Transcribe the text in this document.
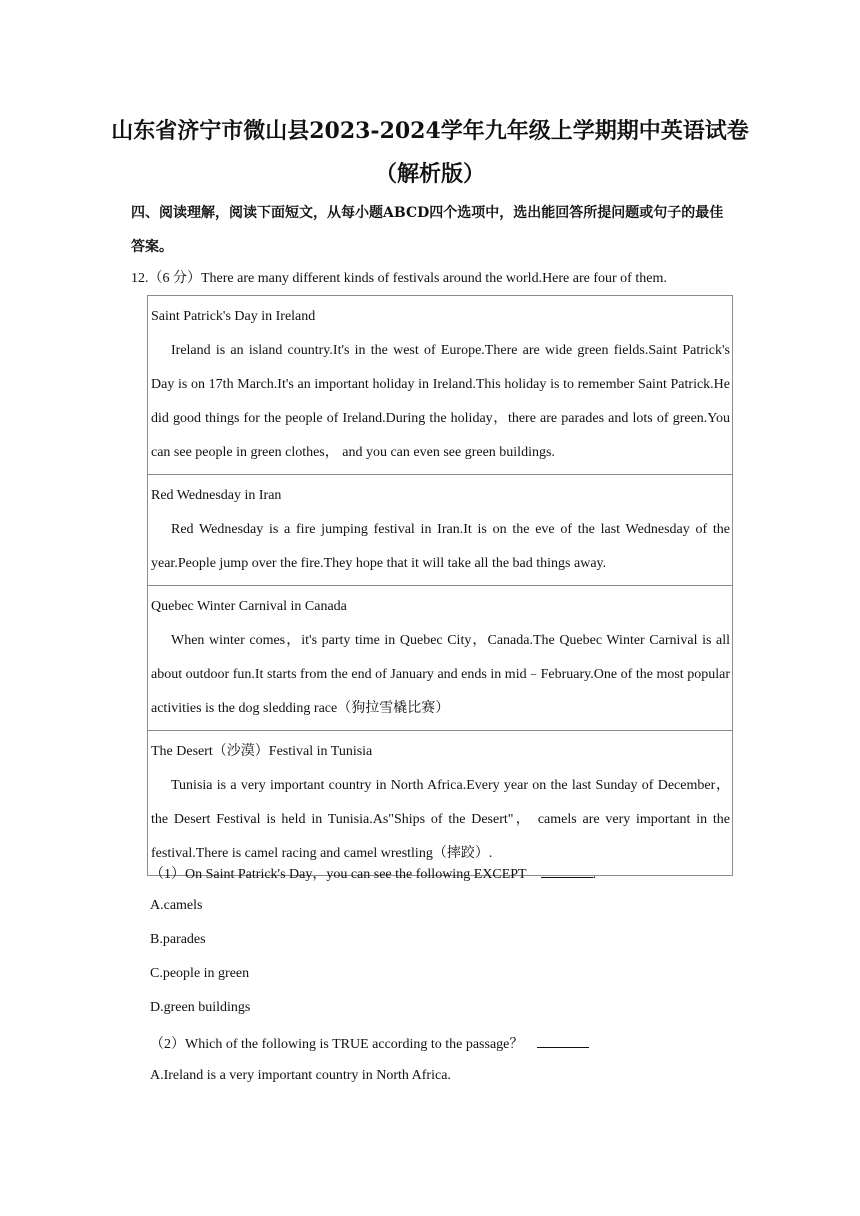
山东省济宁市微山县2023-2024学年九年级上学期期中英语试卷
（解析版）
四、阅读理解，阅读下面短文，从每小题ABCD四个选项中，选出能回答所提问题或句子的最佳答案。
12.（6 分）There are many different kinds of festivals around the world.Here are four of them.
Saint Patrick's Day in Ireland
Ireland is an island country.It's in the west of Europe.There are wide green fields.Saint Patrick's Day is on 17th March.It's an important holiday in Ireland.This holiday is to remember Saint Patrick.He did good things for the people of Ireland.During the holiday，there are parades and lots of green.You can see people in green clothes， and you can even see green buildings.

Red Wednesday in Iran
Red Wednesday is a fire jumping festival in Iran.It is on the eve of the last Wednesday of the year.People jump over the fire.They hope that it will take all the bad things away.

Quebec Winter Carnival in Canada
When winter comes，it's party time in Quebec City，Canada.The Quebec Winter Carnival is all about outdoor fun.It starts from the end of January and ends in mid﹣February.One of the most popular activities is the dog sledding race（狗拉雪橇比赛）

The Desert（沙漠）Festival in Tunisia
Tunisia is a very important country in North Africa.Every year on the last Sunday of December， the Desert Festival is held in Tunisia.As"Ships of the Desert"， camels are very important in the festival.There is camel racing and camel wrestling（摔跤）.
（1）On Saint Patrick's Day，you can see the following EXCEPT	.
A.camels
B.parades
C.people in green
D.green buildings
（2）Which of the following is TRUE according to the passage？
A.Ireland is a very important country in North Africa.
